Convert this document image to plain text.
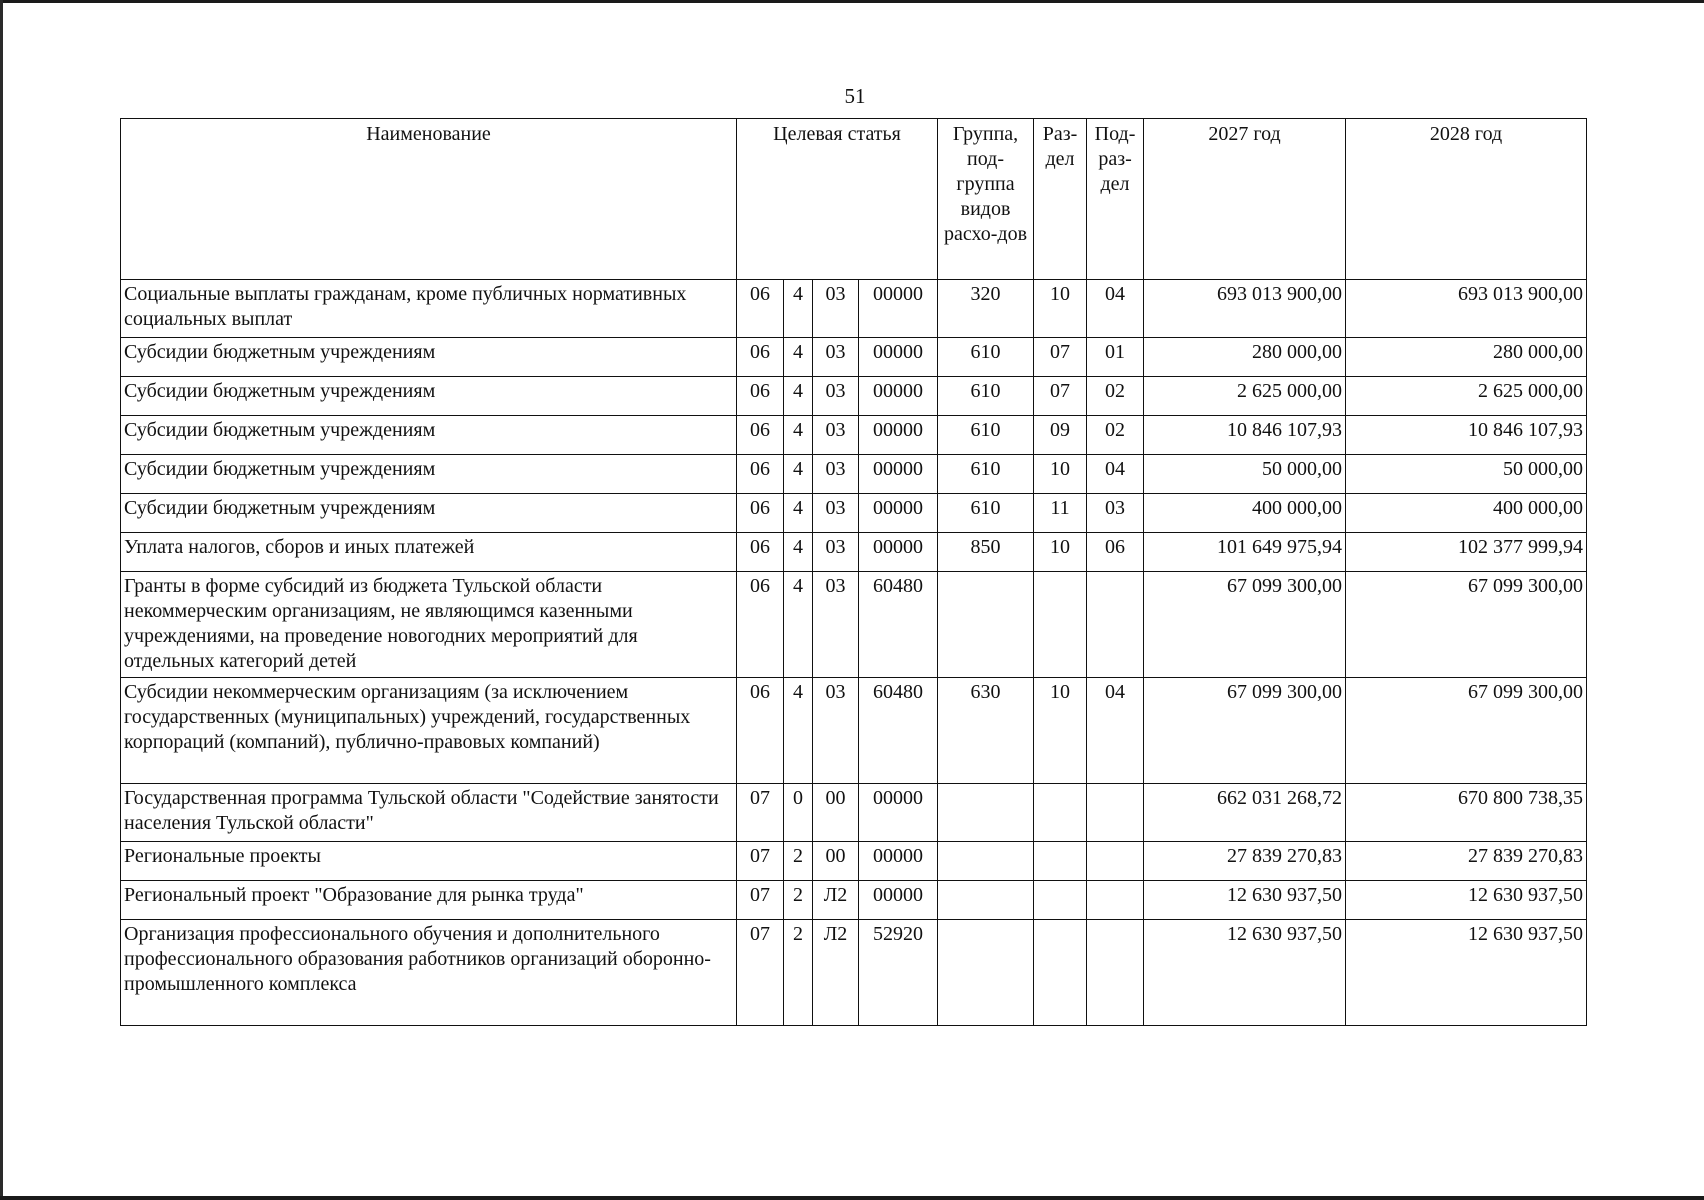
51
Наименование	Целевая статья				Группа, под-группа видов расхо-дов	Раз-дел	Под-раз-дел	2027 год	2028 год
Социальные выплаты гражданам, кроме публичных нормативных социальных выплат	06	4	03	00000	320	10	04	693 013 900,00	693 013 900,00
Субсидии бюджетным учреждениям	06	4	03	00000	610	07	01	280 000,00	280 000,00
Субсидии бюджетным учреждениям	06	4	03	00000	610	07	02	2 625 000,00	2 625 000,00
Субсидии бюджетным учреждениям	06	4	03	00000	610	09	02	10 846 107,93	10 846 107,93
Субсидии бюджетным учреждениям	06	4	03	00000	610	10	04	50 000,00	50 000,00
Субсидии бюджетным учреждениям	06	4	03	00000	610	11	03	400 000,00	400 000,00
Уплата налогов, сборов и иных платежей	06	4	03	00000	850	10	06	101 649 975,94	102 377 999,94
Гранты в форме субсидий из бюджета Тульской области некоммерческим организациям, не являющимся казенными учреждениями, на проведение новогодних мероприятий для отдельных категорий детей	06	4	03	60480				67 099 300,00	67 099 300,00
Субсидии некоммерческим организациям (за исключением государственных (муниципальных) учреждений, государственных корпораций (компаний), публично-правовых компаний)	06	4	03	60480	630	10	04	67 099 300,00	67 099 300,00
Государственная программа Тульской области "Содействие занятости населения Тульской области"	07	0	00	00000				662 031 268,72	670 800 738,35
Региональные проекты	07	2	00	00000				27 839 270,83	27 839 270,83
Региональный проект "Образование для рынка труда"	07	2	Л2	00000				12 630 937,50	12 630 937,50
Организация профессионального обучения и дополнительного профессионального образования работников организаций оборонно-промышленного комплекса	07	2	Л2	52920				12 630 937,50	12 630 937,50
